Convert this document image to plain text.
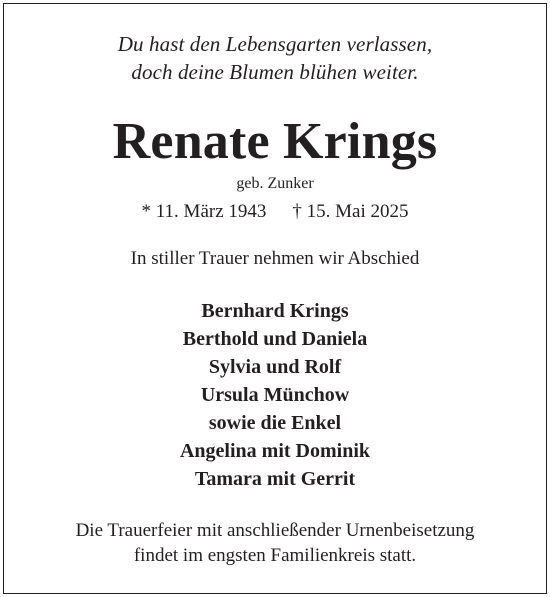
Du hast den Lebensgarten verlassen,
doch deine Blumen blühen weiter.
Renate Krings
geb. Zunker
* 11. März 1943 † 15. Mai 2025
In stiller Trauer nehmen wir Abschied
Bernhard Krings
Berthold und Daniela
Sylvia und Rolf
Ursula Münchow
sowie die Enkel
Angelina mit Dominik
Tamara mit Gerrit
Die Trauerfeier mit anschließender Urnenbeisetzung
findet im engsten Familienkreis statt.
